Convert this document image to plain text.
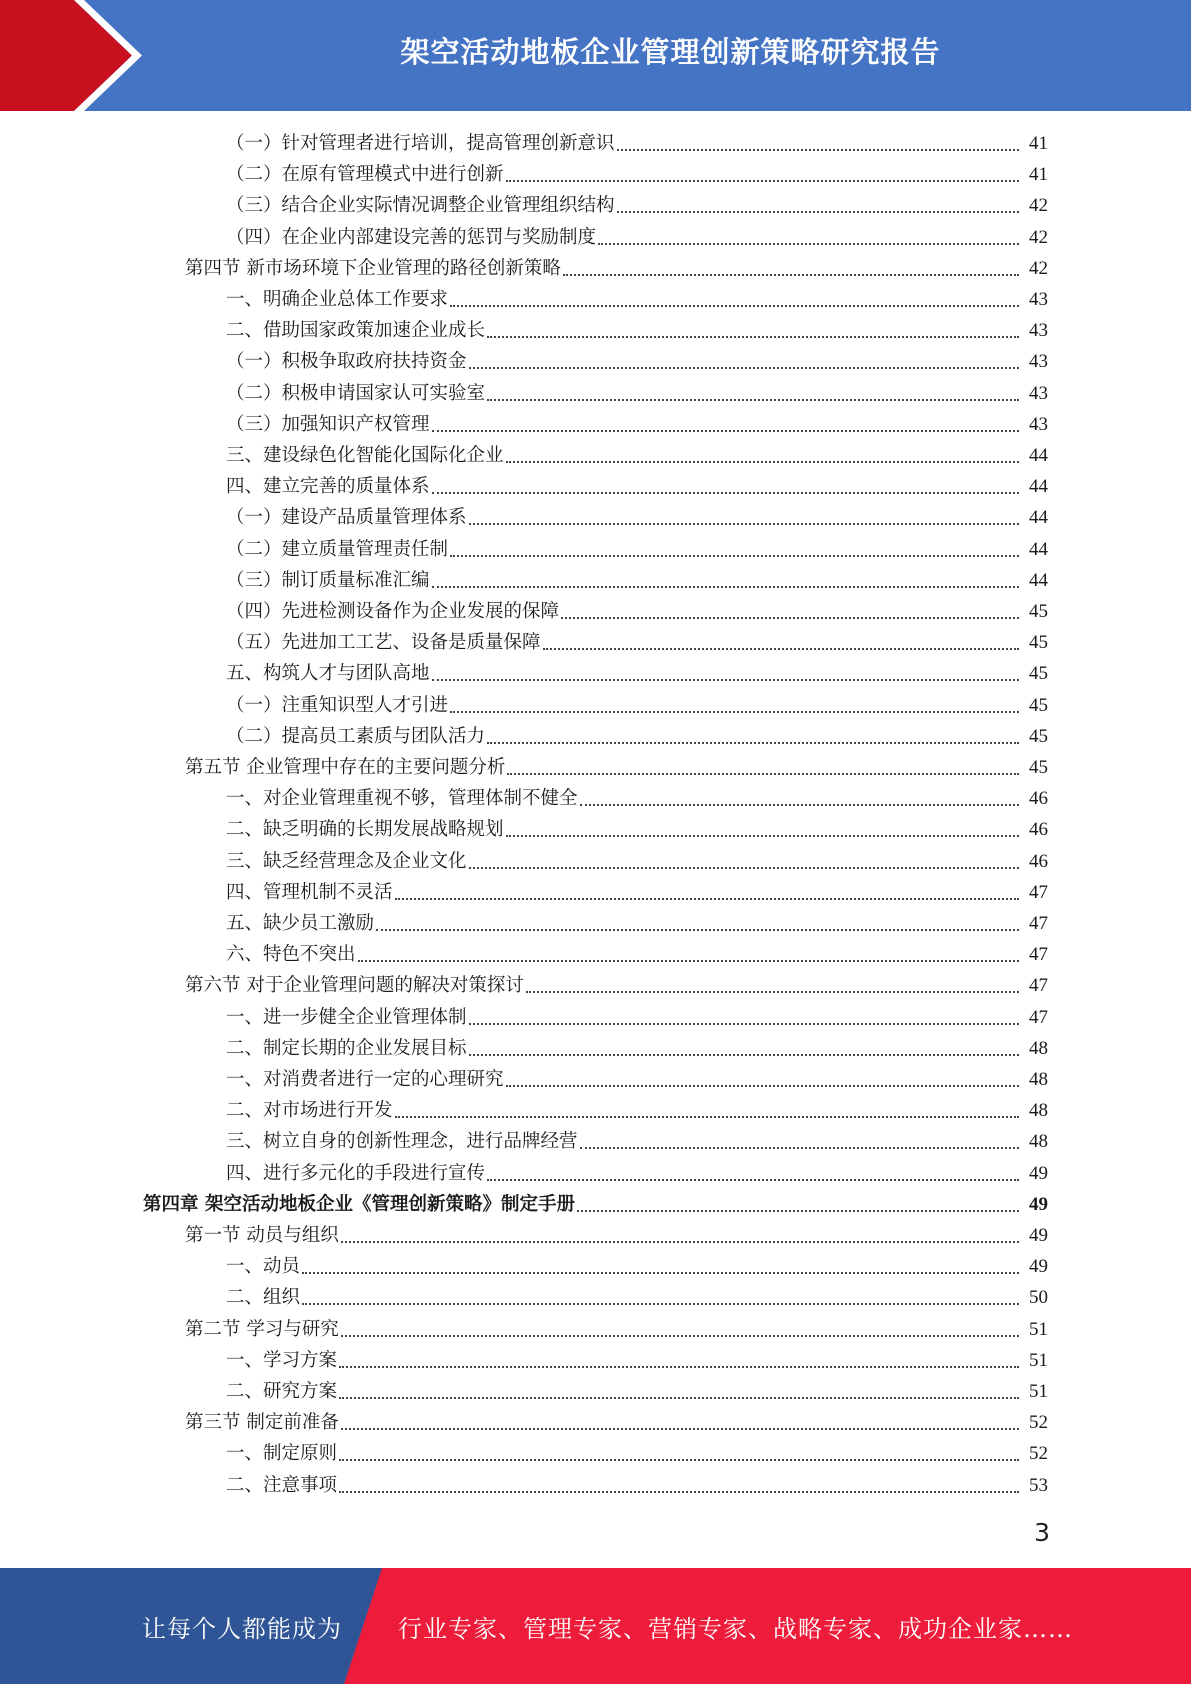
架空活动地板企业管理创新策略研究报告
（一）针对管理者进行培训，提高管理创新意识	41
（二）在原有管理模式中进行创新	41
（三）结合企业实际情况调整企业管理组织结构	42
（四）在企业内部建设完善的惩罚与奖励制度	42
第四节 新市场环境下企业管理的路径创新策略	42
一、明确企业总体工作要求	43
二、借助国家政策加速企业成长	43
（一）积极争取政府扶持资金	43
（二）积极申请国家认可实验室	43
（三）加强知识产权管理	43
三、建设绿色化智能化国际化企业	44
四、建立完善的质量体系	44
（一）建设产品质量管理体系	44
（二）建立质量管理责任制	44
（三）制订质量标准汇编	44
（四）先进检测设备作为企业发展的保障	45
（五）先进加工工艺、设备是质量保障	45
五、构筑人才与团队高地	45
（一）注重知识型人才引进	45
（二）提高员工素质与团队活力	45
第五节 企业管理中存在的主要问题分析	45
一、对企业管理重视不够，管理体制不健全	46
二、缺乏明确的长期发展战略规划	46
三、缺乏经营理念及企业文化	46
四、管理机制不灵活	47
五、缺少员工激励	47
六、特色不突出	47
第六节 对于企业管理问题的解决对策探讨	47
一、进一步健全企业管理体制	47
二、制定长期的企业发展目标	48
一、对消费者进行一定的心理研究	48
二、对市场进行开发	48
三、树立自身的创新性理念，进行品牌经营	48
四、进行多元化的手段进行宣传	49
第四章 架空活动地板企业《管理创新策略》制定手册	49
第一节 动员与组织	49
一、动员	49
二、组织	50
第二节 学习与研究	51
一、学习方案	51
二、研究方案	51
第三节 制定前准备	52
一、制定原则	52
二、注意事项	53
3
让每个人都能成为	行业专家、管理专家、营销专家、战略专家、成功企业家……
